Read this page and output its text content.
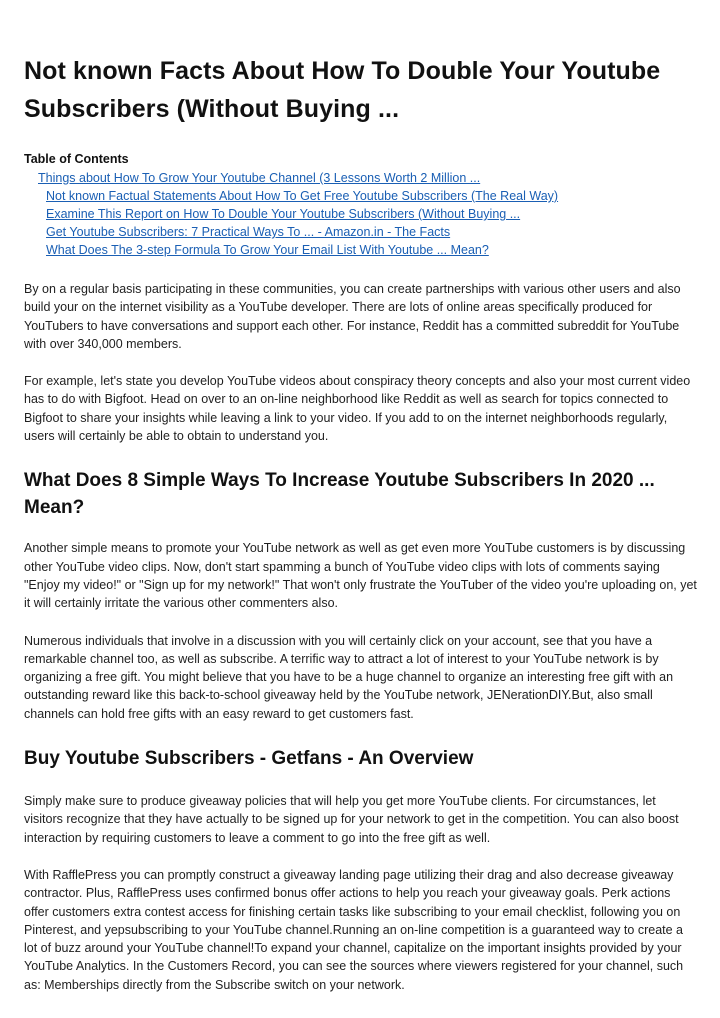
Not known Facts About How To Double Your Youtube Subscribers (Without Buying ...
Table of Contents
Things about How To Grow Your Youtube Channel (3 Lessons Worth 2 Million ...
Not known Factual Statements About How To Get Free Youtube Subscribers (The Real Way)
Examine This Report on How To Double Your Youtube Subscribers (Without Buying ...
Get Youtube Subscribers: 7 Practical Ways To ... - Amazon.in - The Facts
What Does The 3-step Formula To Grow Your Email List With Youtube ... Mean?

By on a regular basis participating in these communities, you can create partnerships with various other users and also build your on the internet visibility as a YouTube developer. There are lots of online areas specifically produced for YouTubers to have conversations and support each other. For instance, Reddit has a committed subreddit for YouTube with over 340,000 members.

For example, let's state you develop YouTube videos about conspiracy theory concepts and also your most current video has to do with Bigfoot. Head on over to an on-line neighborhood like Reddit as well as search for topics connected to Bigfoot to share your insights while leaving a link to your video. If you add to on the internet neighborhoods regularly, users will certainly be able to obtain to understand you.

What Does 8 Simple Ways To Increase Youtube Subscribers In 2020 ... Mean?

Another simple means to promote your YouTube network as well as get even more YouTube customers is by discussing other YouTube video clips. Now, don't start spamming a bunch of YouTube video clips with lots of comments saying "Enjoy my video!" or "Sign up for my network!" That won't only frustrate the YouTuber of the video you're uploading on, yet it will certainly irritate the various other commenters also.

Numerous individuals that involve in a discussion with you will certainly click on your account, see that you have a remarkable channel too, as well as subscribe. A terrific way to attract a lot of interest to your YouTube network is by organizing a free gift. You might believe that you have to be a huge channel to organize an interesting free gift with an outstanding reward like this back-to-school giveaway held by the YouTube network, JENerationDIY.But, also small channels can hold free gifts with an easy reward to get customers fast.

Buy Youtube Subscribers - Getfans - An Overview

Simply make sure to produce giveaway policies that will help you get more YouTube clients. For circumstances, let visitors recognize that they have actually to be signed up for your network to get in the competition. You can also boost interaction by requiring customers to leave a comment to go into the free gift as well.

With RafflePress you can promptly construct a giveaway landing page utilizing their drag and also decrease giveaway contractor. Plus, RafflePress uses confirmed bonus offer actions to help you reach your giveaway goals. Perk actions offer customers extra contest access for finishing certain tasks like subscribing to your email checklist, following you on Pinterest, and yepsubscribing to your YouTube channel.Running an on-line competition is a guaranteed way to create a lot of buzz around your YouTube channel!To expand your channel, capitalize on the important insights provided by your YouTube Analytics. In the Customers Record, you can see the sources where viewers registered for your channel, such as: Memberships directly from the Subscribe switch on your network.
